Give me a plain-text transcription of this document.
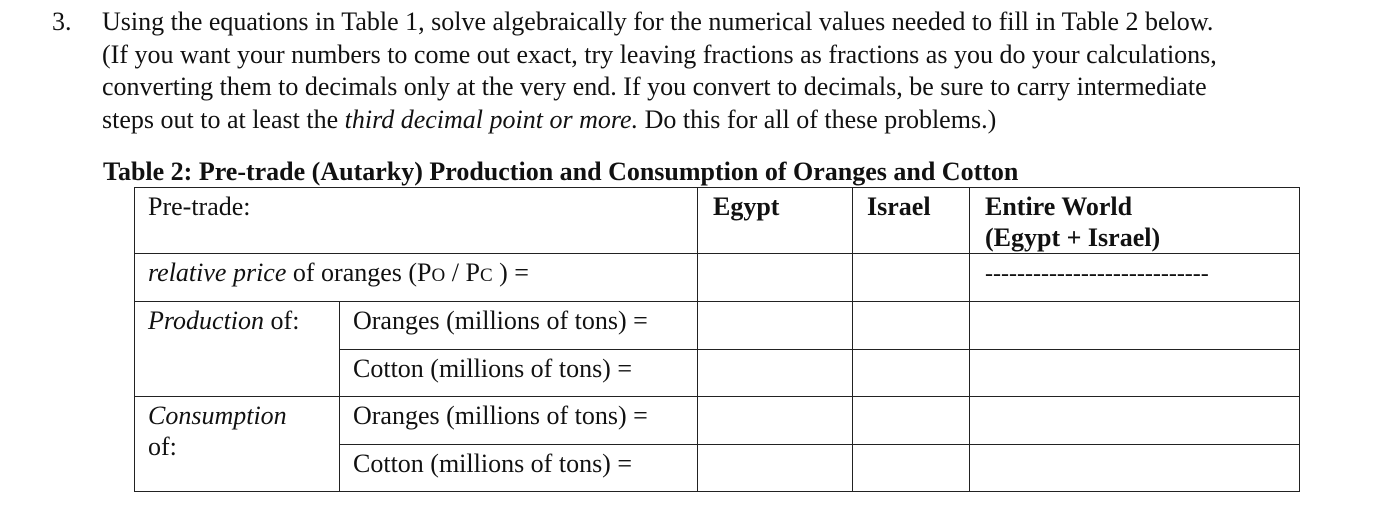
3. Using the equations in Table 1, solve algebraically for the numerical values needed to fill in Table 2 below.
(If you want your numbers to come out exact, try leaving fractions as fractions as you do your calculations,
converting them to decimals only at the very end. If you convert to decimals, be sure to carry intermediate
steps out to at least the third decimal point or more. Do this for all of these problems.)
Table 2: Pre-trade (Autarky) Production and Consumption of Oranges and Cotton
Pre-trade:		Egypt	Israel	Entire World
(Egypt + Israel)

relative price of oranges (PO / PC ) =				----------------------------
Production of:	Oranges (millions of tons) =			
	Cotton (millions of tons) =			

Consumption
of:	Oranges (millions of tons) =			
	Cotton (millions of tons) =			
